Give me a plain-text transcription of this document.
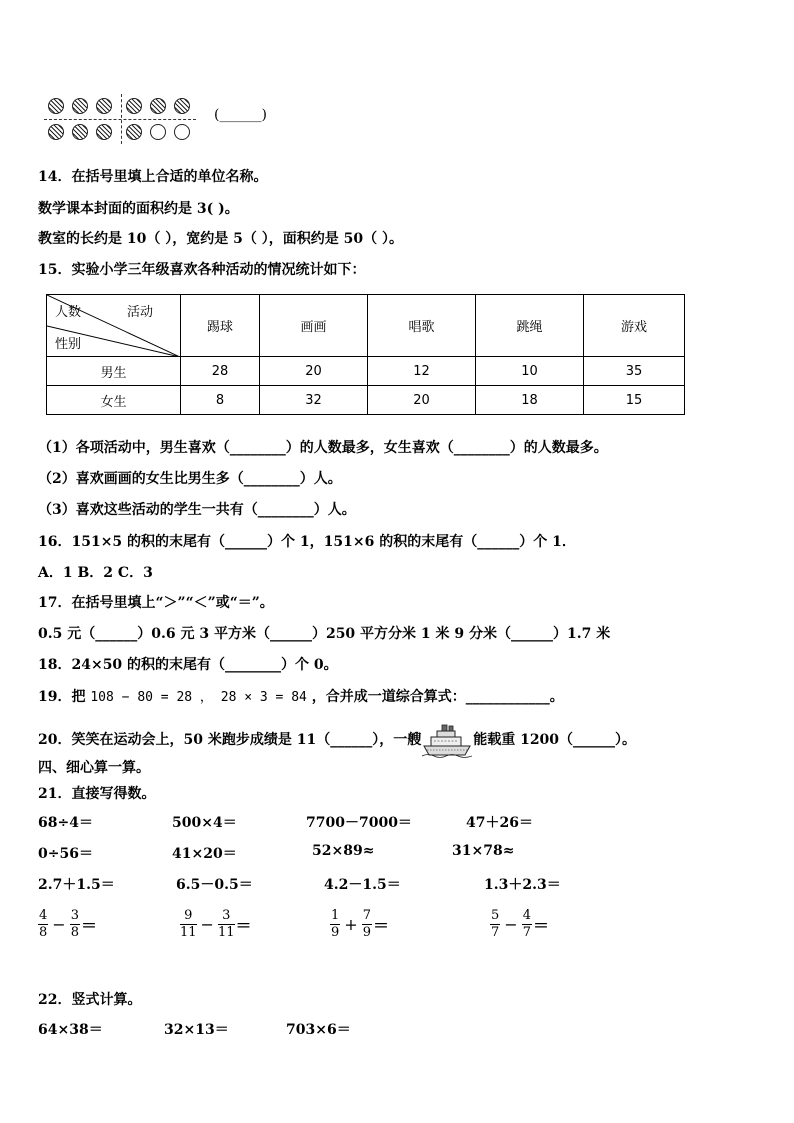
(______)
14．在括号里填上合适的单位名称。
数学课本封面的面积约是 3( )。
教室的长约是 10（ ），宽约是 5（ ），面积约是 50（ ）。
15．实验小学三年级喜欢各种活动的情况统计如下：
人数 活动
性别	踢球	画画	唱歌	跳绳	游戏
男生	28	20	12	10	35
女生	8	32	20	18	15
（1）各项活动中，男生喜欢（________）的人数最多，女生喜欢（________）的人数最多。
（2）喜欢画画的女生比男生多（________）人。
（3）喜欢这些活动的学生一共有（________）人。
16．151×5 的积的末尾有（______）个 1，151×6 的积的末尾有（______）个 1．
A．1 B．2 C．3
17．在括号里填上“＞”“＜”或“＝”。
0.5 元（______）0.6 元 3 平方米（______）250 平方分米 1 米 9 分米（______）1.7 米
18．24×50 的积的末尾有（________）个 0。
19．把 108 − 80 = 28 ， 28 × 3 = 84 ，合并成一道综合算式：____________。
20．笑笑在运动会上，50 米跑步成绩是 11（______），一艘	能载重 1200（______）。
四、细心算一算。
21．直接写得数。
68÷4＝	500×4＝	7700－7000＝	47＋26＝
0÷56＝	41×20＝	52×89≈	31×78≈
2.7＋1.5＝	6.5－0.5＝	4.2－1.5＝	1.3＋2.3＝
$\frac{4}{8} - \frac{3}{8}$ ＝	$\frac{9}{11} - \frac{3}{11}$ ＝	$\frac{1}{9} + \frac{7}{9}$ ＝	$\frac{5}{7} - \frac{4}{7}$ ＝
22．竖式计算。
64×38＝	32×13＝	703×6＝
